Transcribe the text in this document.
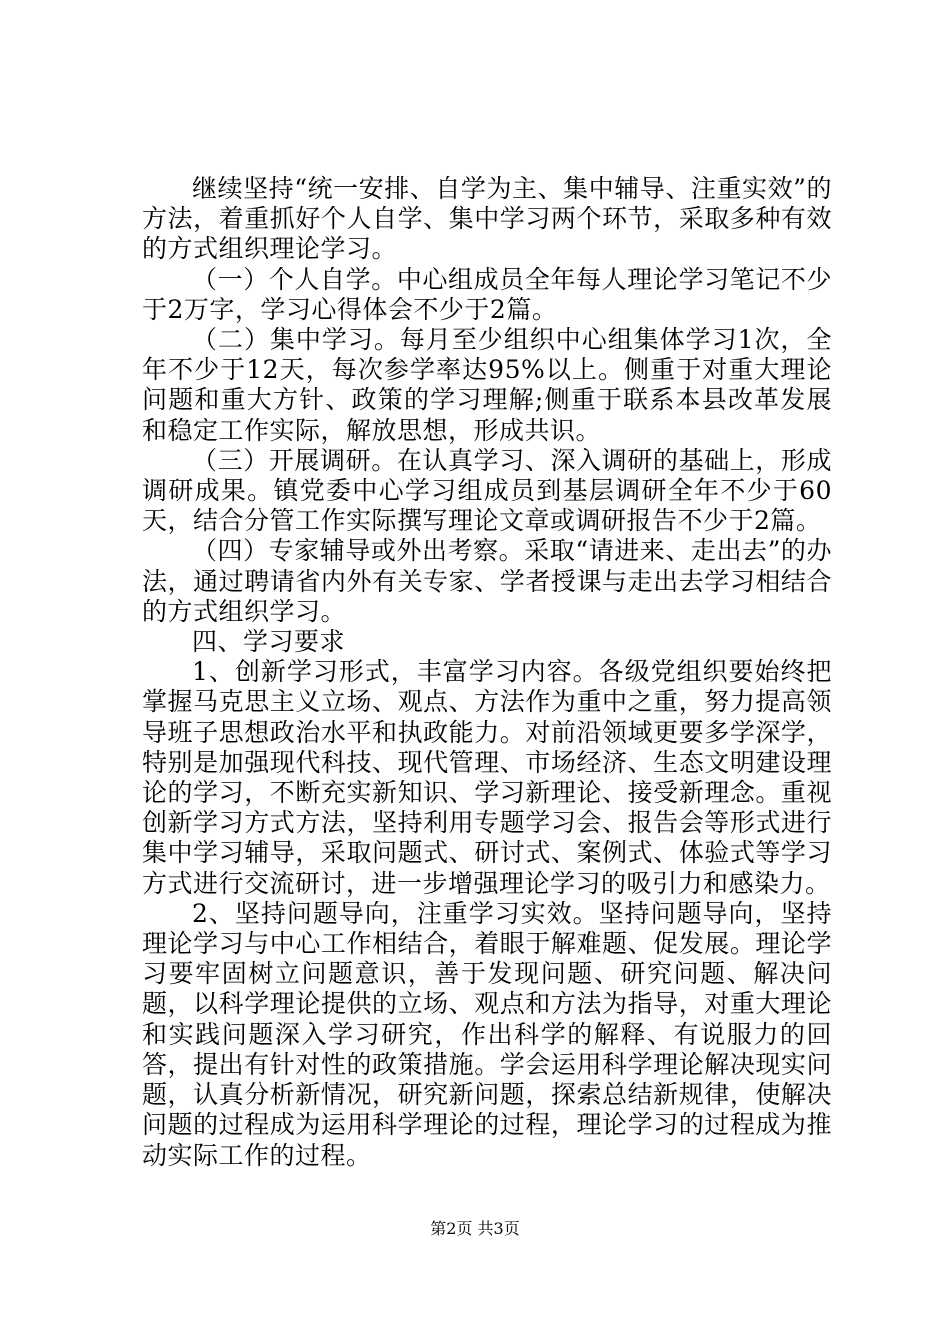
继续坚持“统一安排、自学为主、集中辅导、注重实效”的方法，着重抓好个人自学、集中学习两个环节，采取多种有效的方式组织理论学习。

（一）个人自学。中心组成员全年每人理论学习笔记不少于2万字，学习心得体会不少于2篇。

（二）集中学习。每月至少组织中心组集体学习1次，全年不少于12天，每次参学率达95%以上。侧重于对重大理论问题和重大方针、政策的学习理解;侧重于联系本县改革发展和稳定工作实际，解放思想，形成共识。

（三）开展调研。在认真学习、深入调研的基础上，形成调研成果。镇党委中心学习组成员到基层调研全年不少于60天，结合分管工作实际撰写理论文章或调研报告不少于2篇。

（四）专家辅导或外出考察。采取“请进来、走出去”的办法，通过聘请省内外有关专家、学者授课与走出去学习相结合的方式组织学习。

四、学习要求

1、创新学习形式，丰富学习内容。各级党组织要始终把掌握马克思主义立场、观点、方法作为重中之重，努力提高领导班子思想政治水平和执政能力。对前沿领域更要多学深学，特别是加强现代科技、现代管理、市场经济、生态文明建设理论的学习，不断充实新知识、学习新理论、接受新理念。重视创新学习方式方法，坚持利用专题学习会、报告会等形式进行集中学习辅导，采取问题式、研讨式、案例式、体验式等学习方式进行交流研讨，进一步增强理论学习的吸引力和感染力。

2、坚持问题导向，注重学习实效。坚持问题导向，坚持理论学习与中心工作相结合，着眼于解难题、促发展。理论学习要牢固树立问题意识，善于发现问题、研究问题、解决问题，以科学理论提供的立场、观点和方法为指导，对重大理论和实践问题深入学习研究，作出科学的解释、有说服力的回答，提出有针对性的政策措施。学会运用科学理论解决现实问题，认真分析新情况，研究新问题，探索总结新规律，使解决问题的过程成为运用科学理论的过程，理论学习的过程成为推动实际工作的过程。

第2页 共3页
